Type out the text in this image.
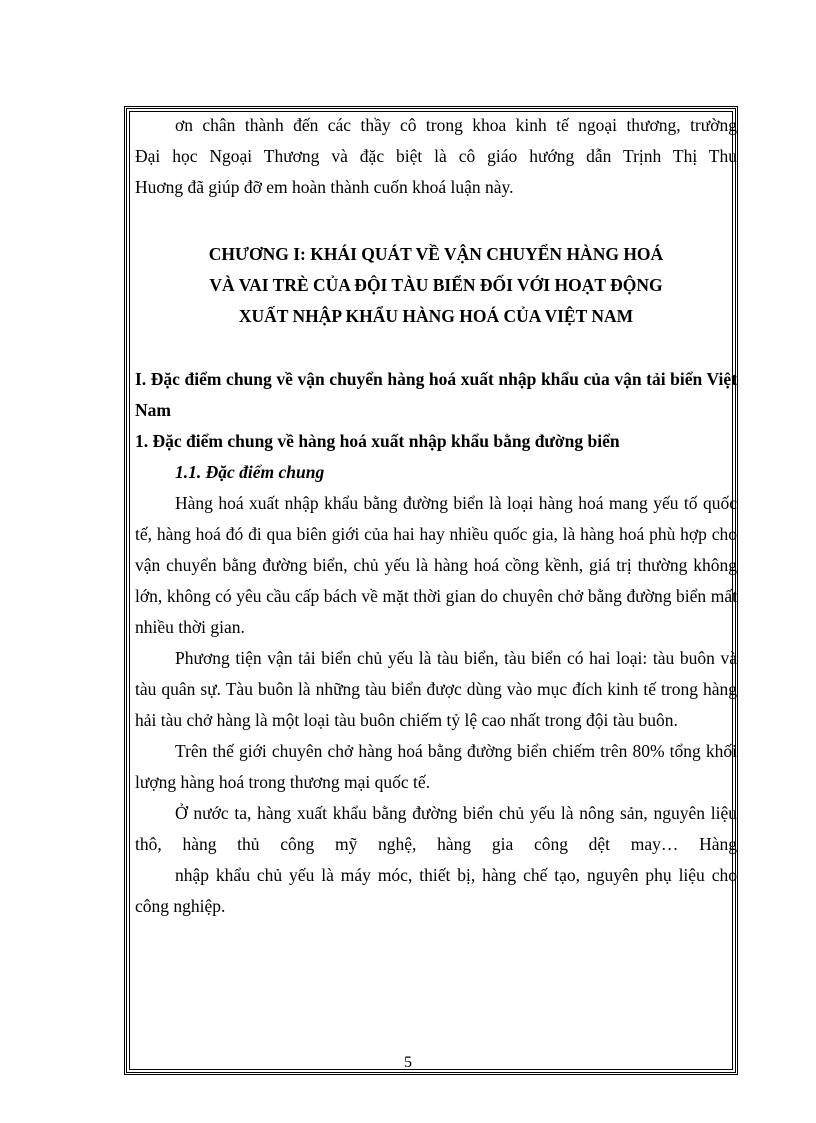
ơn chân thành đến các thầy cô trong khoa kinh tế ngoại thương, trường

Đại học Ngoại Thương và đặc biệt là cô giáo hướng dẫn Trịnh Thị Thu

Huơng đã giúp đỡ em hoàn thành cuốn khoá luận này.

CHƯƠNG I: KHÁI QUÁT VỀ VẬN CHUYỂN HÀNG HOÁ
VÀ VAI TRÈ CỦA ĐỘI TÀU BIỂN ĐỐI VỚI HOẠT ĐỘNG
XUẤT NHẬP KHẨU HÀNG HOÁ CỦA VIỆT NAM

I. Đặc điểm chung về vận chuyển hàng hoá xuất nhập khẩu của vận tải biển Việt Nam

1. Đặc điểm chung về hàng hoá xuất nhập khẩu bằng đường biển

1.1. Đặc điểm chung

Hàng hoá xuất nhập khẩu bằng đường biển là loại hàng hoá mang yếu tố quốc tế, hàng hoá đó đi qua biên giới của hai hay nhiều quốc gia, là hàng hoá phù hợp cho vận chuyển bằng đường biển, chủ yếu là hàng hoá cồng kềnh, giá trị thường không lớn, không có yêu cầu cấp bách về mặt thời gian do chuyên chở bằng đường biển mất nhiều thời gian.

Phương tiện vận tải biển chủ yếu là tàu biển, tàu biển có hai loại: tàu buôn và tàu quân sự. Tàu buôn là những tàu biển được dùng vào mục đích kinh tế trong hàng hải tàu chở hàng là một loại tàu buôn chiếm tỷ lệ cao nhất trong đội tàu buôn.

Trên thế giới chuyên chở hàng hoá bằng đường biển chiếm trên 80% tổng khối lượng hàng hoá trong thương mại quốc tế.

Ở nước ta, hàng xuất khẩu bằng đường biển chủ yếu là nông sản, nguyên liệu thô, hàng thủ công mỹ nghệ, hàng gia công dệt may… Hàng

nhập khẩu chủ yếu là máy móc, thiết bị, hàng chế tạo, nguyên phụ liệu cho công nghiệp.

5
